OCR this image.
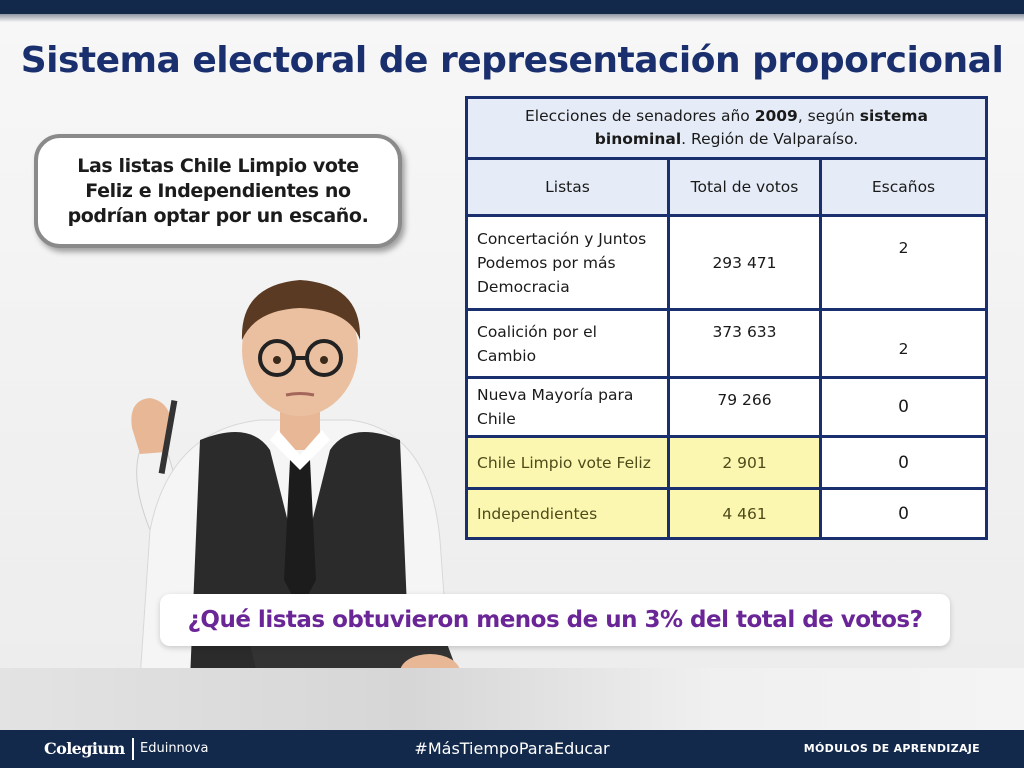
Sistema electoral de representación proporcional
Las listas Chile Limpio vote Feliz e Independientes no podrían optar por un escaño.
Elecciones de senadores año 2009, según sistema binominal. Región de Valparaíso.		
Listas	Total de votos	Escaños
Concertación y Juntos Podemos por más Democracia	293 471	2
Coalición por el Cambio	373 633	2
Nueva Mayoría para Chile	79 266	0
Chile Limpio vote Feliz	2 901	0
Independientes	4 461	0
¿Qué listas obtuvieron menos de un 3% del total de votos?
Colegium Eduinnova	#MásTiempoParaEducar	MÓDULOS DE APRENDIZAJE
